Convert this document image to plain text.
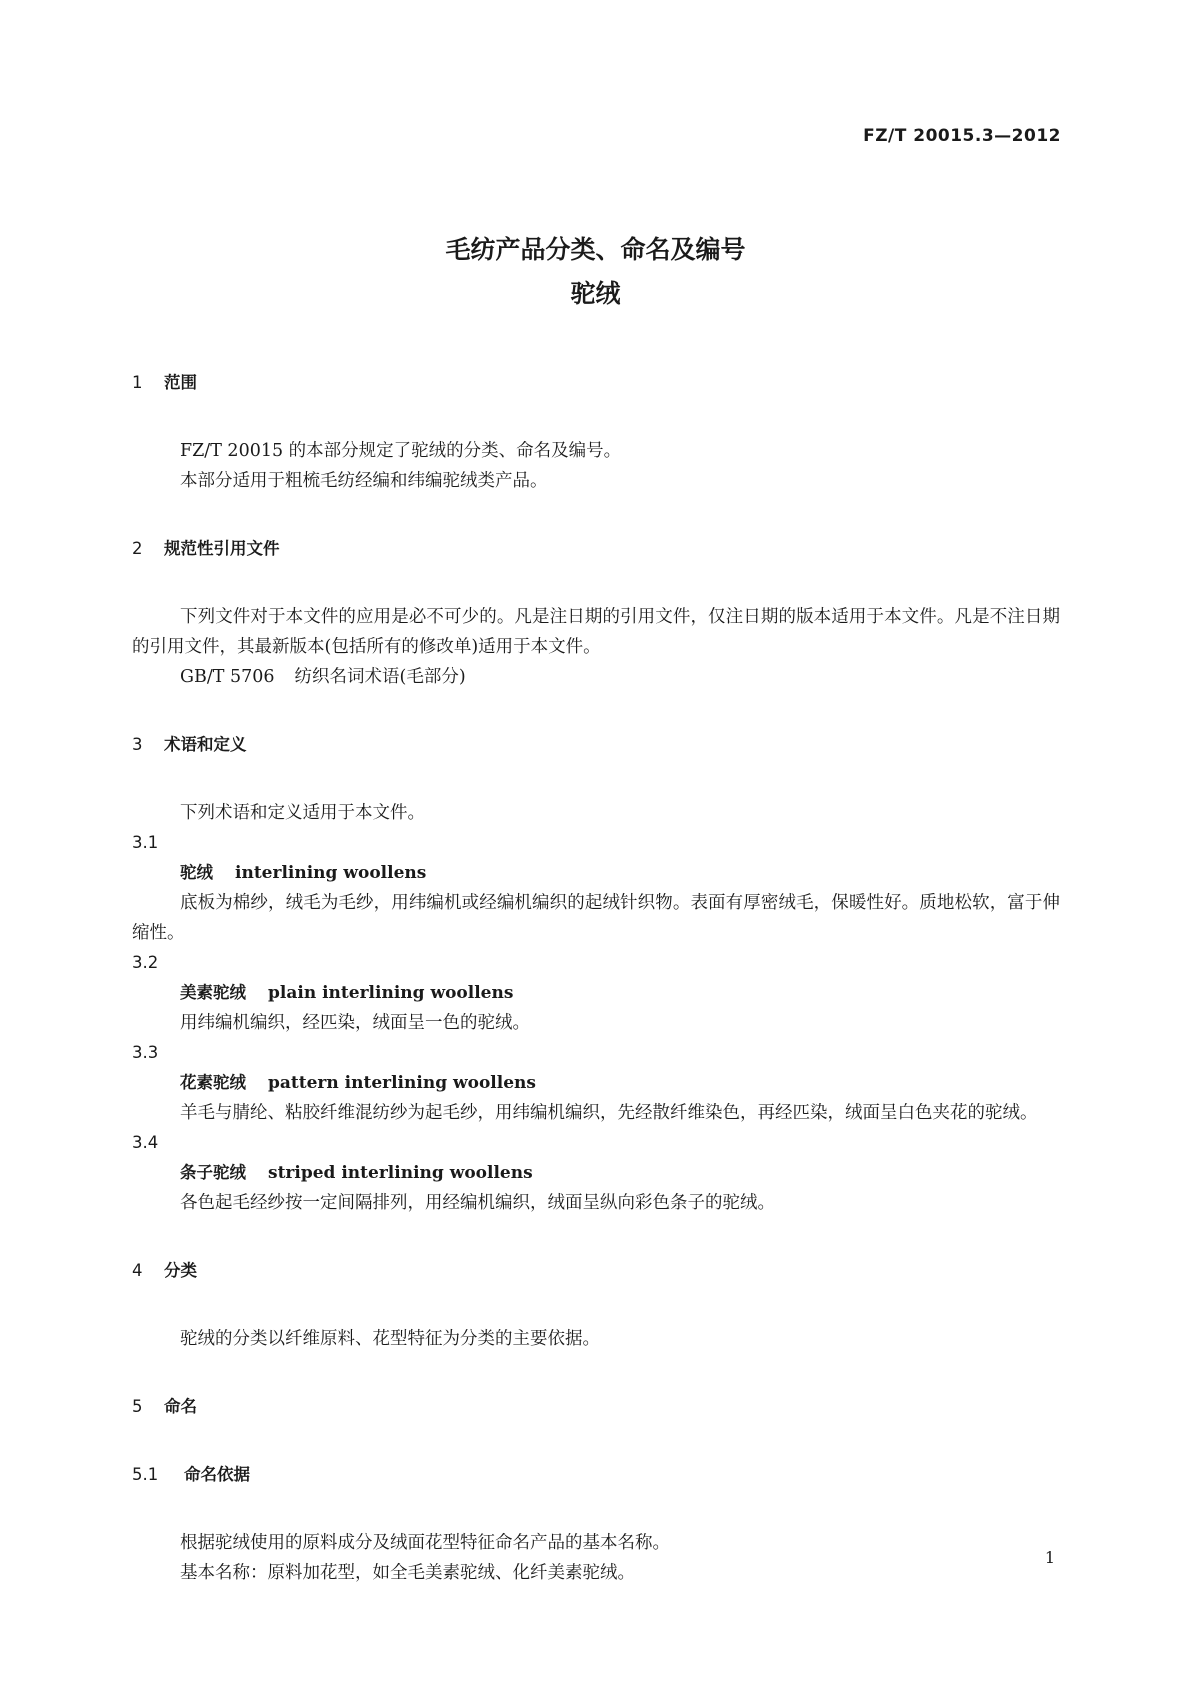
FZ/T 20015.3—2012
毛纺产品分类、命名及编号
驼绒
1 范围
FZ/T 20015 的本部分规定了驼绒的分类、命名及编号。
本部分适用于粗梳毛纺经编和纬编驼绒类产品。
2 规范性引用文件
下列文件对于本文件的应用是必不可少的。凡是注日期的引用文件，仅注日期的版本适用于本文件。凡是不注日期的引用文件，其最新版本(包括所有的修改单)适用于本文件。
GB/T 5706 纺织名词术语(毛部分)
3 术语和定义
下列术语和定义适用于本文件。
3.1
驼绒 interlining woollens
底板为棉纱，绒毛为毛纱，用纬编机或经编机编织的起绒针织物。表面有厚密绒毛，保暖性好。质地松软，富于伸缩性。
3.2
美素驼绒 plain interlining woollens
用纬编机编织，经匹染，绒面呈一色的驼绒。
3.3
花素驼绒 pattern interlining woollens
羊毛与腈纶、粘胶纤维混纺纱为起毛纱，用纬编机编织，先经散纤维染色，再经匹染，绒面呈白色夹花的驼绒。
3.4
条子驼绒 striped interlining woollens
各色起毛经纱按一定间隔排列，用经编机编织，绒面呈纵向彩色条子的驼绒。
4 分类
驼绒的分类以纤维原料、花型特征为分类的主要依据。
5 命名
5.1 命名依据
根据驼绒使用的原料成分及绒面花型特征命名产品的基本名称。
基本名称：原料加花型，如全毛美素驼绒、化纤美素驼绒。
1
